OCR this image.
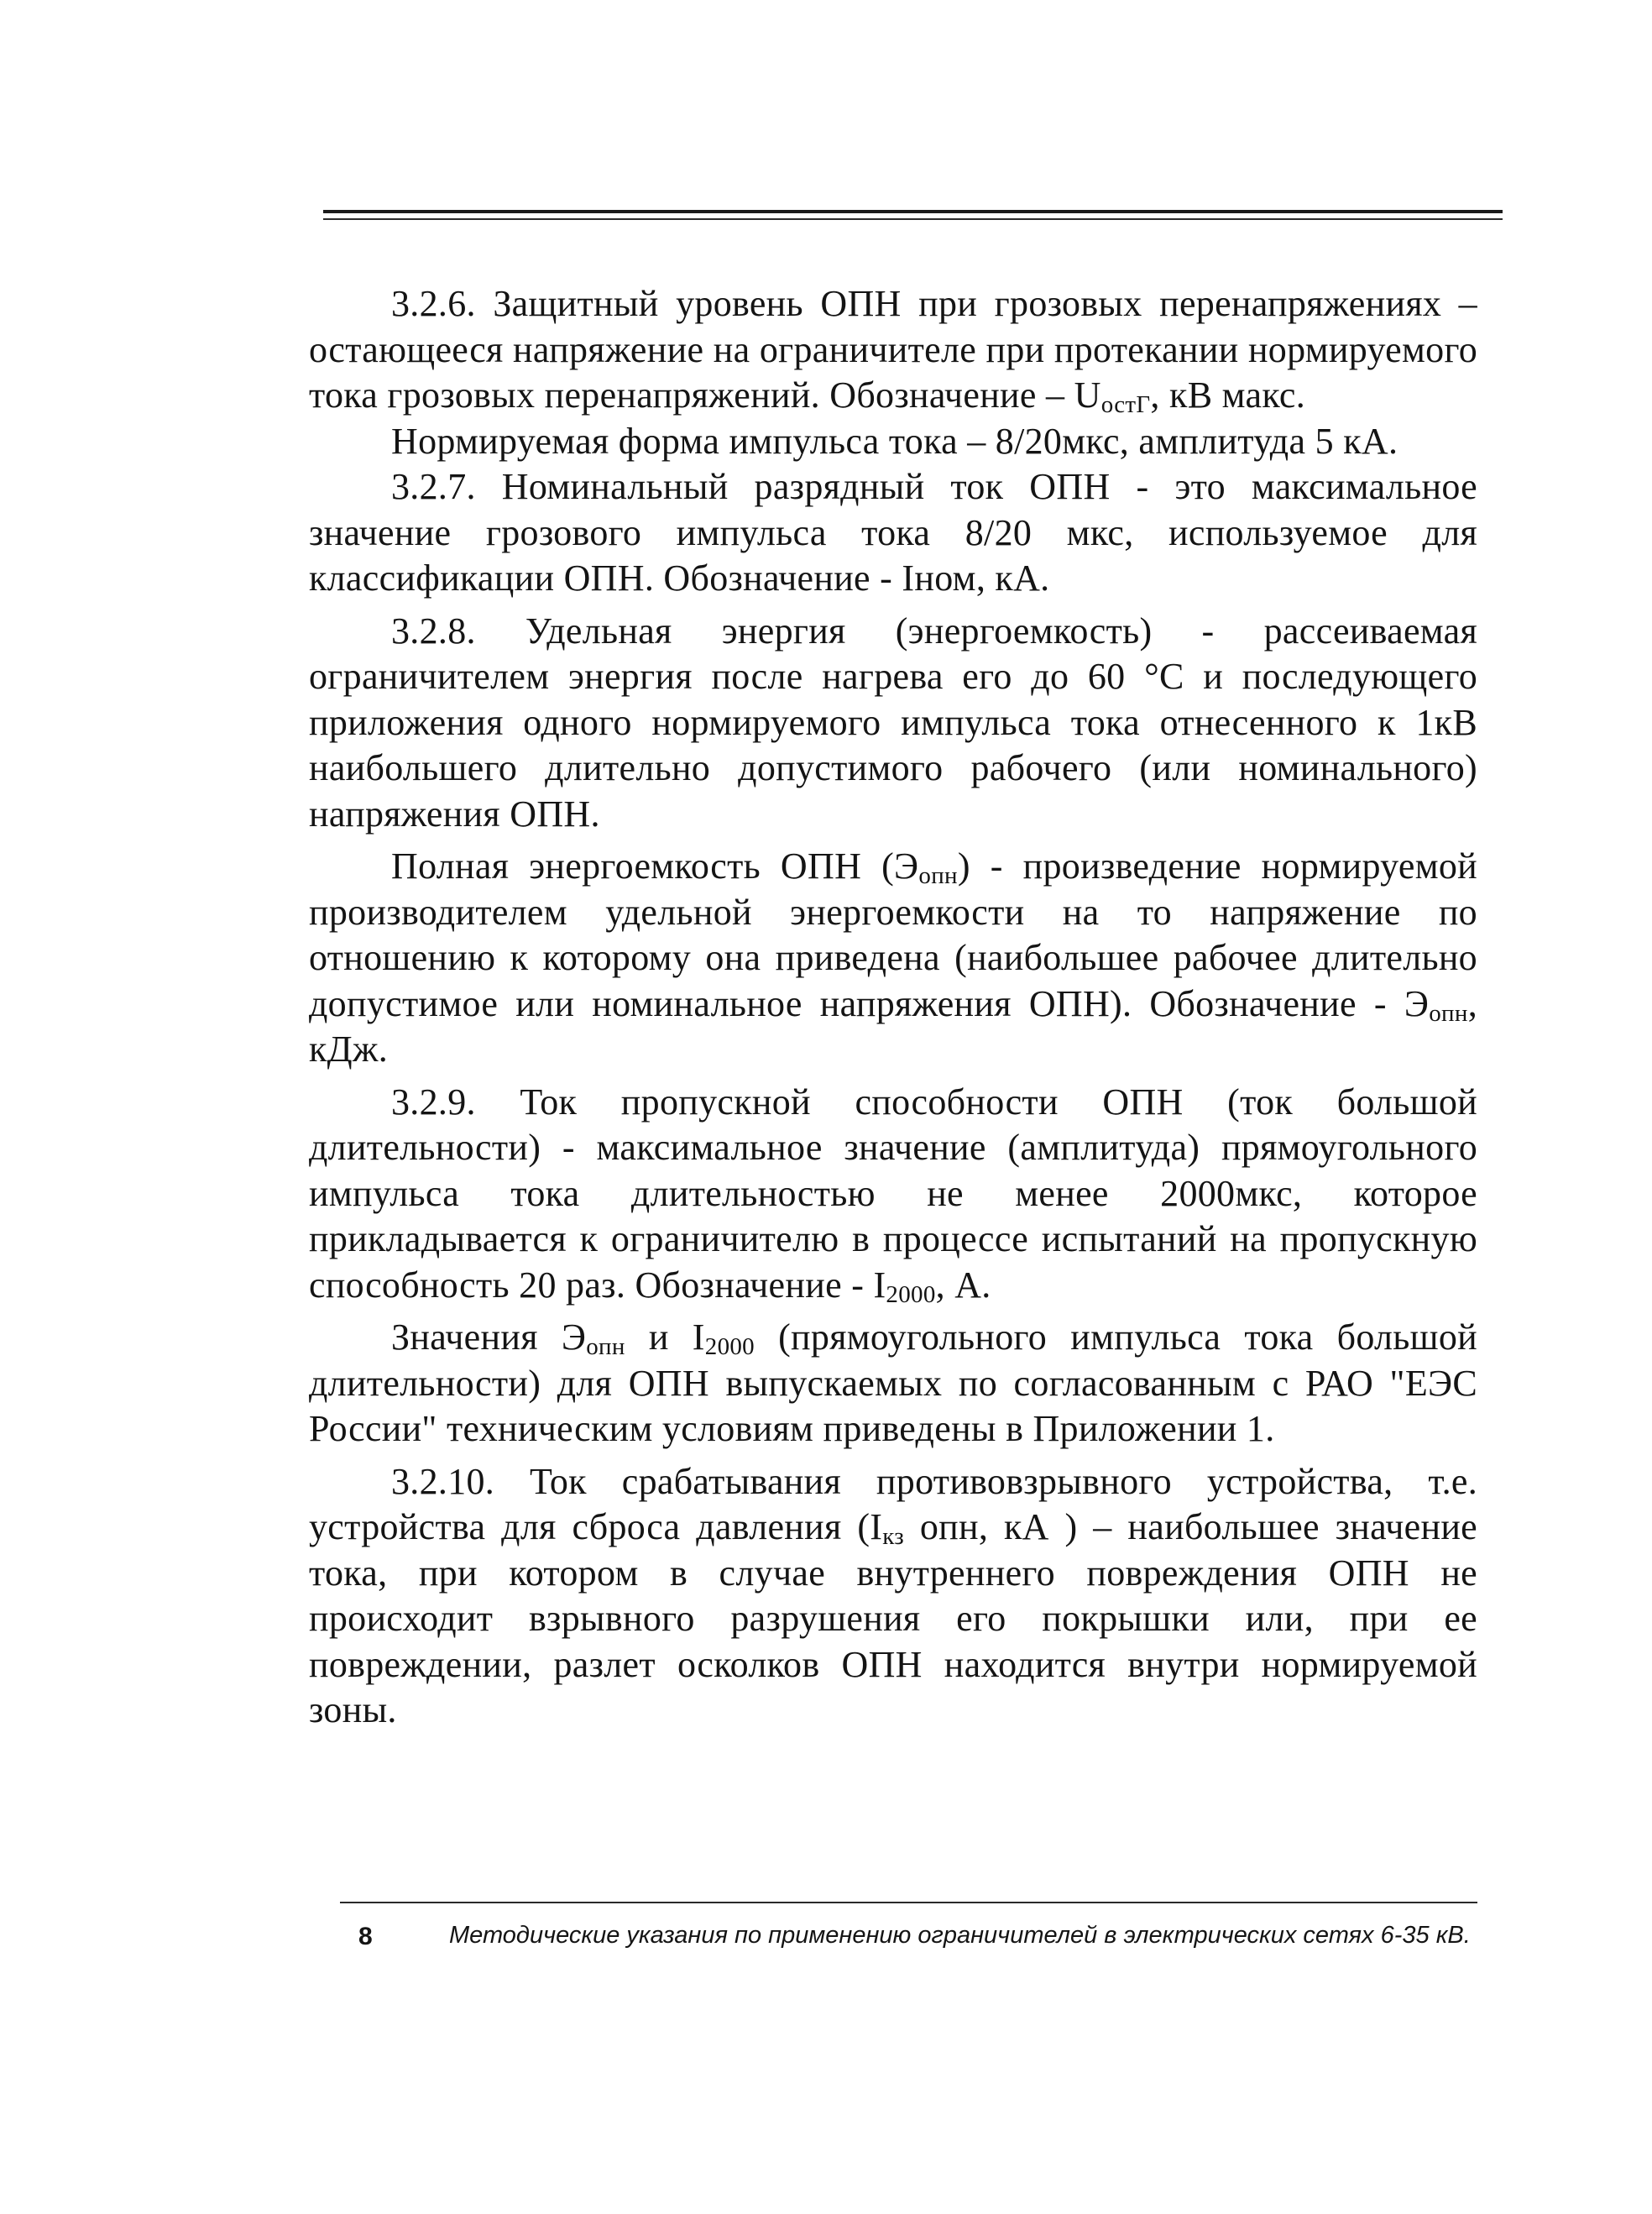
3.2.6. Защитный уровень ОПН при грозовых перенапряжениях – остающееся напряжение на ограничителе при протекании нормируемого тока грозовых перенапряжений. Обозначение – $U_{остГ}$, кВ макс.

Нормируемая форма импульса тока – 8/20мкс, амплитуда 5 кА.

3.2.7. Номинальный разрядный ток ОПН - это максимальное значение грозового импульса тока 8/20 мкс, используемое для классификации ОПН. Обозначение - Iном, кА.

3.2.8. Удельная энергия (энергоемкость) - рассеиваемая ограничителем энергия после нагрева его до 60 °С и последующего приложения одного нормируемого импульса тока отнесенного к 1кВ наибольшего длительно допустимого рабочего (или номинального) напряжения ОПН.

Полная энергоемкость ОПН $(Э_{опн})$ - произведение нормируемой производителем удельной энергоемкости на то напряжение по отношению к которому она приведена (наибольшее рабочее длительно допустимое или номинальное напряжения ОПН). Обозначение - $Э_{опн}$, кДж.

3.2.9. Ток пропускной способности ОПН (ток большой длительности) - максимальное значение (амплитуда) прямоугольного импульса тока длительностью не менее 2000мкс, которое прикладывается к ограничителю в процессе испытаний на пропускную способность 20 раз. Обозначение - $I_{2000}$, А.

Значения $Э_{опн}$ и $I_{2000}$ (прямоугольного импульса тока большой длительности) для ОПН выпускаемых по согласованным с РАО "ЕЭС России" техническим условиям приведены в Приложении 1.

3.2.10. Ток срабатывания противовзрывного устройства, т.е. устройства для сброса давления ($I_{кз}$ опн, кА ) – наибольшее значение тока, при котором в случае внутреннего повреждения ОПН не происходит взрывного разрушения его покрышки или, при ее повреждении, разлет осколков ОПН находится внутри нормируемой зоны.

8	Методические указания по применению ограничителей в электрических сетях 6-35 кВ.
